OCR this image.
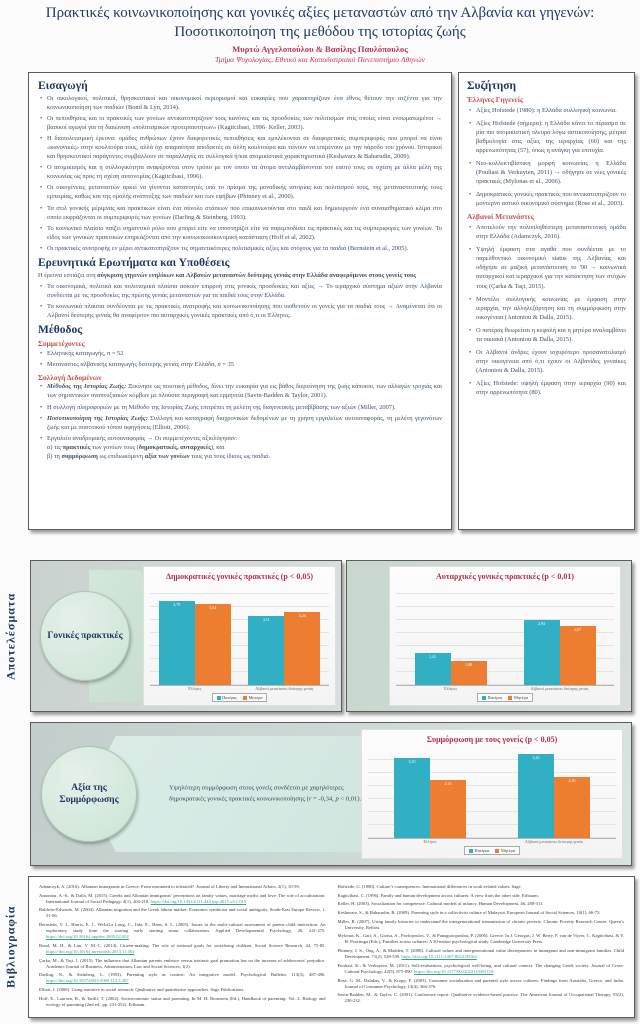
Πρακτικές κοινωνικοποίησης και γονικές αξίες μεταναστών από την Αλβανία και γηγενών:
Ποσοτικοποίηση της μεθόδου της ιστορίας ζωής
Μυρτώ Αγγελοπούλου & Βασίλης Παυλόπουλος
Τμήμα Ψυχολογίας, Εθνικό και Καποδιστριακό Πανεπιστήμιο Αθηνών
Εισαγωγή
• Οι οικολογικοί, πολιτικοί, θρησκευτικοί και οικονομικοί περιορισμοί και ευκαιρίες που χαρακτηρίζουν ένα έθνος θέτουν την ατζέντα για την κοινωνικοποίηση των παιδιών (Bond & Lyn, 2014).
• Οι πεποιθήσεις και οι πρακτικές των γονέων αντικατοπτρίζουν τους κανόνες και τις προσδοκίες των πολιτισμών στις οποίες είναι ενσωματωμένοι → βασικοί αγωγοί για τη διαιώνιση «πολιτισμικών προτεραιοτήτων» (Kagitcibasi, 1996· Keller, 2003).
• Η διαπολιτισμική έρευνα: ομάδες ανθρώπων έχουν διαφορετικές πεποιθήσεις και εμπλέκονται σε διαφορετικές συμπεριφορές που μπορεί να είναι «κανονικές» στην κουλτούρα τους, αλλά όχι απαραίτητα αποδεκτές σε άλλη κουλτούρα και τείνουν να επιμένουν με την πάροδο του χρόνου. Ιστορικοί και θρησκευτικοί παράγοντες συμβάλλουν σε παραλλαγές σε συλλογικά ή/και ατομικιστικά χαρακτηριστικά (Keshavarz & Baharudin, 2009).
• Ο ατομικισμός και η συλλογικότητα αναφέρονται στον τρόπο με τον οποίο τα άτομα αντιλαμβάνονται τον εαυτό τους σε σχέση με άλλα μέλη της κοινωνίας ως προς τη σχέση αυτονομίας (Kagitcibasi, 1996).
• Οι οικογένειες μεταναστών αρκεί να γίνονται κατανοητές υπό το πρίσμα της μοναδικής ιστορίας και πολιτισμού τους, της μεταναστευτικής τους εμπειρίας, καθώς και της ομαλής ανάπτυξης των παιδιών και των εφήβων (Phinney et al., 2000).
• Τα στιλ γονικής μέριμνας και πρακτικών είναι ένα σύνολο στάσεων που επικοινωνούνται στο παιδί και δημιουργούν ένα συναισθηματικό κλίμα στο οποίο εκφράζονται οι συμπεριφορές των γονέων (Darling & Steinberg, 1993).
• Το κοινωνικό πλαίσιο παίζει σημαντικό ρόλο που μπορεί είτε να υποστηρίζει είτε να παρεμποδίσει τις πρακτικές και τις συμπεριφορές των γονέων. Το είδος των γονικών πρακτικών επηρεάζονται από την κοινωνικοοικονομική κατάσταση (Hoff et al, 2002).
• Οι πρακτικές ανατροφής εν μέρει αντικατοπτρίζουν τις σημαντικότερες πολιτισμικές αξίες και στόχους για τα παιδιά (Bernstein et al., 2005).
Ερευνητικά Ερωτήματα και Υποθέσεις

Η έρευνα εστιάζει στη σύγκριση γηγενών ενηλίκων και Αλβανών μεταναστών δεύτερης γενιάς στην Ελλάδα αναφερόμενοι στους γονείς τους

• Τα οικονομικά, πολιτικά και πολιτισμικά πλαίσια ασκούν επιρροή στις γονικές προσδοκίες και αξίες → Το ιεραρχικό σύστημα αξιών στην Αλβανία συνδέεται με τις προσδοκίες της πρώτης γενιάς μεταναστών για τα παιδιά τους στην Ελλάδα.
• Τα κοινωνικά πλαίσια συνδέονται με τις πρακτικές ανατροφής και κοινωνικοποίησης που υιοθετούν οι γονείς για τα παιδιά τους → Αναμένεται ότι οι Αλβανοί δεύτερης γενιάς θα αναφέρουν πιο αυταρχικές γονικές πρακτικές από ό,τι οι Έλληνες.
Μέθοδος
Συμμετέχοντες
• Ελληνικής καταγωγής, n = 52
• Μετανάστες αλβανικής καταγωγής δεύτερης γενιάς στην Ελλάδα, n = 35
Συλλογή Δεδομένων
• Μέθοδος της Ιστορίας Ζωής: Ξεκίνησε ως ποιοτική μέθοδος, δίνει την ευκαιρία για εις βάθος διερεύνηση της ζωής κάποιου, των αλλαγών τροχιάς και των σημαντικών αναπτυξιακών κόμβων με πλούσια περιγραφή και ερμηνεία (Savin-Badden & Taylor, 2001).
• Η συλλογή πληροφοριών με τη Μέθοδο της Ιστορίας Ζωής επιτρέπει τη μελέτη της διαγενεακής μεταβίβασης των αξιών (Miller, 2007).
• Ποσοτικοποίηση της Ιστορίας Ζωής: Συλλογή και καταγραφή διαχρονικών δεδομένων με τη χρήση εργαλείων αυτοαναφοράς, τη μελέτη γεγονότων ζωής και με ποσοτικού τύπου αφηγήσεις (Elliott, 2006).
• Εργαλείο αναδρομικής αυτοαναφοράς → Οι συμμετέχοντες αξιολόγησαν:
α) τις πρακτικές των γονέων τους (δημοκρατικές, αυταρχικές), και
β) τη συμμόρφωση ως επιδιωκόμενη αξία των γονέων τους για τους ίδιους ως παιδιά.
Συζήτηση
Έλληνες Γηγενείς
• Αξίες Hofstede (1980): η Ελλάδα συλλογική κοινωνία.
• Αξίες Hofstede (σήμερα): η Ελλάδα κάνει το πέρασμα σε μία πιο ατομικιστική πλευρά λόγω αστικοποίησης, μέτρια βαθμολογία στις αξίες της ιεραρχίας (60) και της αρρενωπότητας (57), όπως η ανάγκη για επιτυχία.
• Νεο-κολλεκτιβίστικη μορφή κοινωνίας η Ελλάδα (Pouliasi & Verkuyten, 2011) → οδήγησε σε νέες γονικές πρακτικές (Mylonas et al., 2006).
• Δημοκρατικές γονικές πρακτικές που αντικατοπτρίζουν το μοντέρνο αστικό οικονομικό σύστημα (Rose et al., 2003).
Αλβανοί Μετανάστες
• Αποτελούν την πολυπληθέστερη μεταναστευτική ομάδα στην Ελλάδα (Adamczyk, 2016).
• Υψηλή έμφαση στα αγαθά που συνδέεται με το παρελθοντικό οικονομικό status της Αλβανίας και οδήγησε σε μαζική μετανάστευση το '90 → κοινωνικά αυταρχικοί και ιεραρχικοί για την κατάκτηση των στόχων τους (Çarka & Taçi, 2015).
• Μοντέλο συλλογικής κοινωνίας με έμφαση στην ιεραρχία, την αλληλεξάρτηση και τη συμμόρφωση στην οικογένεια (Antoniou & Dalla, 2015).
• Ο πατέρας θεωρείται η κεφαλή και η μητέρα αναλαμβάνει τα οικιακά (Antoniou & Dalla, 2015).
• Οι Αλβανοί άνδρες έχουν ισχυρότερο προσανατολισμό στην οικογένεια από ό,τι έχουν οι Αλβανίδες γυναίκες (Antoniou & Dalla, 2015).
• Αξίες Hofstede: υψηλή έμφαση στην ιεραρχία (90) και στην αρρενωπότητα (80).
Αποτελέσματα	Γονικές πρακτικές
Δημοκρατικές γονικές πρακτικές (p < 0,05)
3,79
3,64
3,11
3,26
Έλληνες	Αλβανοί μετανάστες δεύτερης γενιάς
Πατέρας	Μητέρα
Αυταρχικές γονικές πρακτικές (p < 0,01)
1,41
1,08
2,94
2,67
Έλληνες	Αλβανοί μετανάστες δεύτερης γενιάς
Πατέρας	Μητέρα
Αξία της Συμμόρφωσης
Υψηλότερη συμμόρφωση στους γονείς συνδέεται με χαμηλότερες δημοκρατικές γονικές πρακτικές κοινωνικοποίησης (r = -0,34, p < 0,01).
Συμμόρφωση με τους γονείς (p < 0,05)
3,10
2,26
3,26
2,35
Έλληνες	Αλβανοί μετανάστες δεύτερης γενιάς
Πατέρας	Μητέρα
Βιβλιογραφία
Adamczyk, A. (2016). Albanian immigrants in Greece: From unwanted to tolerated?. Journal of Liberty and International Affairs, 2(1), 10-59.
Antoniou, A.-S., & Dalla, M. (2015). Greeks and Albanian immigrants’ perceptions on family values, marriage myths and love: The role of acculturation. International Journal of Social Pedagogy, 4(1), 204-218. https://doi.org/10.14324/111.444.ijsp.2015.v4.1.015
Baldwin-Edwards, M. (2004). Albanian migration and the Greek labour market: Economic symbiosis and social ambiguity. South-East Europe Review, 1, 51-66.
Bernstein, V. J., Harris, E. J., WeLaLa Long, C., Iida, E., Hans, S. L. (2005). Issues in the multi-cultural assessment of parent–child interaction: An exploratory study from the starting early starting smart collaboration. Applied Developmental Psychology, 26, 241-275. https://doi.org/10.1016/j.appdev.2005.02.002
Bond, M. H., & Lun, V. M.-C. (2014). Citizen-making: The role of national goals for socializing children. Social Science Research, 44, 75-85. https://doi.org/10.1016/j.ssresearch.2013.11.002
Çarka, M., & Taçi, I. (2015). The influence that Albanian parents embrace versus intrinsic goal promotion has on the increase of adolescents’ prejudice. Academic Journal of Business, Administration, Law and Social Sciences, 1(2).
Darling, N., & Steinberg, L. (1993). Parenting style as context: An integrative model. Psychological Bulletin, 113(3), 487-496. https://doi.org/10.1037/0033-2909.113.3.487
Elliott, J. (2006). Using narrative in social research: Qualitative and quantitative approaches. Sage Publications.
Hoff, E., Laursen, B., & Tardif, T. (2002). Socioeconomic status and parenting. In M. H. Bornstein (Ed.), Handbook of parenting: Vol. 2. Biology and ecology of parenting (2nd ed., pp. 231-252). Erlbaum.
Hofstede, G. (1980). Culture’s consequences: International differences in work-related values. Sage.
Kagitcibasi, C. (1996). Family and human development across cultures: A view from the other side. Erlbaum.
Keller, H. (2003). Socialization for competence: Cultural models of infancy. Human Development, 46, 288-311.
Keshavarz, S., & Baharudin, R. (2009). Parenting style in a collectivist culture of Malaysia. European Journal of Social Sciences, 10(1), 66-73.
Miller, R. (2007). Using family histories to understand the intergenerational transmission of chronic poverty. Chronic Poverty Research Centre, Queen’s University, Belfast.
Mylonas, K., Gari, A., Giotsa, A., Pavlopoulos, V., & Panagiotopoulou, P. (2006). Greece. In J. Georgas, J. W. Berry, F. van de Vijver, C. Kagitcibasi, & Y. H. Poortinga (Eds.), Families across cultures: A 30-nation psychological study. Cambridge University Press.
Phinney, J. S., Ong, A., & Madden, T. (2000). Cultural values and intergenerational value discrepancies in immigrant and non-immigrant families. Child Development, 71(2), 528-539. https://doi.org/10.1111/1467-8624.00162
Pouliasi, K., & Verkuyten, M. (2011). Self-evaluations, psychological well-being, and cultural context: The changing Greek society. Journal of Cross-Cultural Psychology, 42(5), 875-890. https://doi.org/10.1177/0022022110381118
Rose, G. M., Dalakas, V., & Kropp, F. (2003). Consumer socialization and parental style across cultures: Findings from Australia, Greece, and India. Journal of Consumer Psychology, 13(4), 366-376.
Savin-Badden, M., & Taylor, C. (2001). Conference report: Qualitative evidence-based practice. The American Journal of Occupational Therapy, 55(2), 230-232.
